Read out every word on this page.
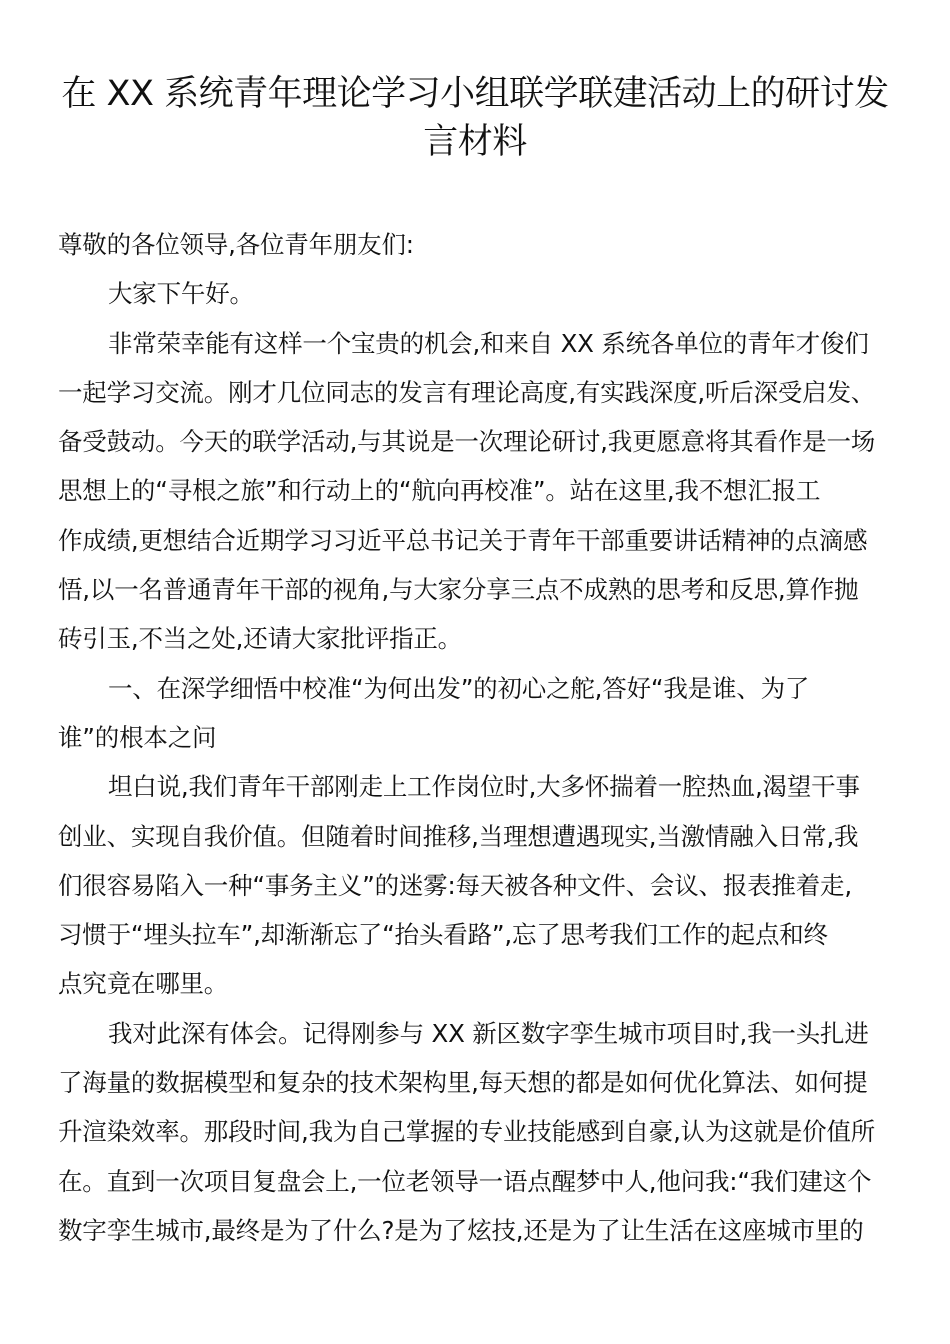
在 XX 系统青年理论学习小组联学联建活动上的研讨发
言材料
尊敬的各位领导,各位青年朋友们:
大家下午好。
非常荣幸能有这样一个宝贵的机会,和来自 XX 系统各单位的青年才俊们
一起学习交流。刚才几位同志的发言有理论高度,有实践深度,听后深受启发、
备受鼓动。今天的联学活动,与其说是一次理论研讨,我更愿意将其看作是一场
思想上的“寻根之旅”和行动上的“航向再校准”。站在这里,我不想汇报工
作成绩,更想结合近期学习习近平总书记关于青年干部重要讲话精神的点滴感
悟,以一名普通青年干部的视角,与大家分享三点不成熟的思考和反思,算作抛
砖引玉,不当之处,还请大家批评指正。
一、在深学细悟中校准“为何出发”的初心之舵,答好“我是谁、为了
谁”的根本之问
坦白说,我们青年干部刚走上工作岗位时,大多怀揣着一腔热血,渴望干事
创业、实现自我价值。但随着时间推移,当理想遭遇现实,当激情融入日常,我
们很容易陷入一种“事务主义”的迷雾:每天被各种文件、会议、报表推着走,
习惯于“埋头拉车”,却渐渐忘了“抬头看路”,忘了思考我们工作的起点和终
点究竟在哪里。
我对此深有体会。记得刚参与 XX 新区数字孪生城市项目时,我一头扎进
了海量的数据模型和复杂的技术架构里,每天想的都是如何优化算法、如何提
升渲染效率。那段时间,我为自己掌握的专业技能感到自豪,认为这就是价值所
在。直到一次项目复盘会上,一位老领导一语点醒梦中人,他问我:“我们建这个
数字孪生城市,最终是为了什么?是为了炫技,还是为了让生活在这座城市里的
